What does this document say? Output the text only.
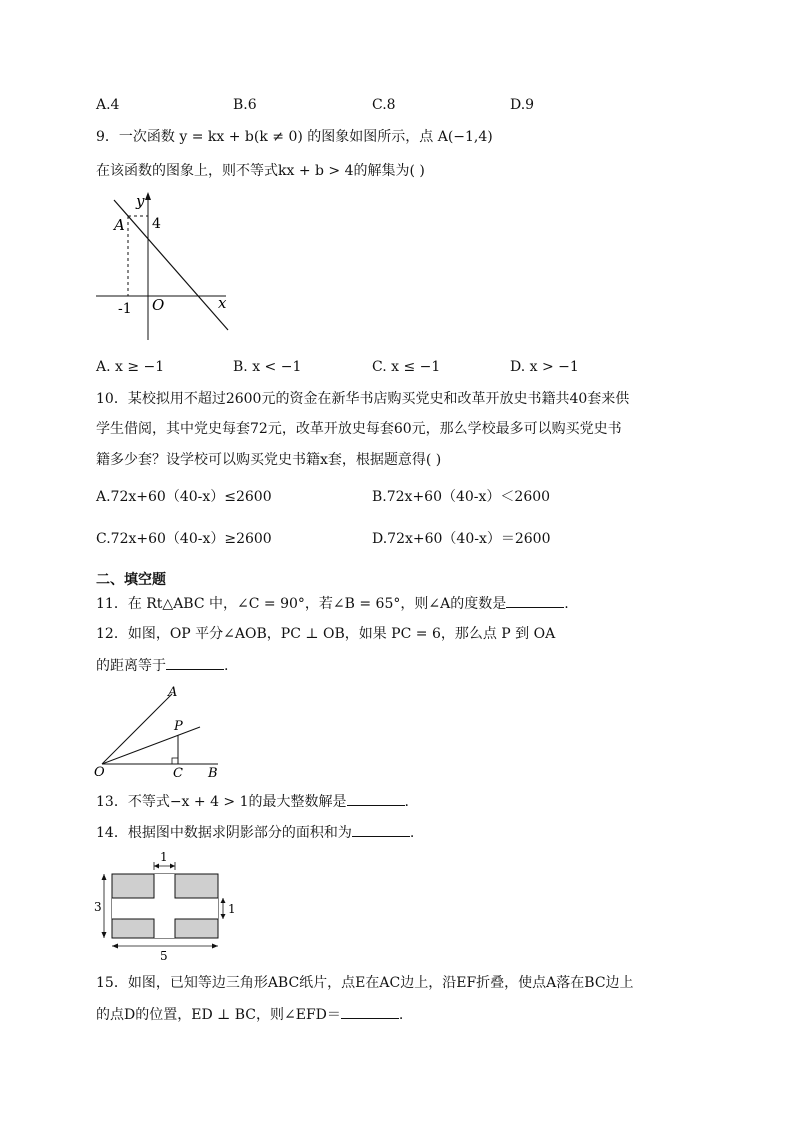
A.4	B.6	C.8	D.9
9．一次函数 y = kx + b(k ≠ 0) 的图象如图所示，点 A(−1,4)
在该函数的图象上，则不等式kx + b > 4的解集为( )
y
x
A 4
-1 O
A. x ≥ −1	B. x < −1	C. x ≤ −1	D. x > −1
10．某校拟用不超过2600元的资金在新华书店购买党史和改革开放史书籍共40套来供
学生借阅，其中党史每套72元，改革开放史每套60元，那么学校最多可以购买党史书
籍多少套？设学校可以购买党史书籍x套，根据题意得( )
A.72x+60（40-x）≤2600	B.72x+60（40-x）＜2600
C.72x+60（40-x）≥2600	D.72x+60（40-x）＝2600
二、填空题
11．在 Rt△ABC 中，∠C = 90°，若∠B = 65°，则∠A的度数是	.
12．如图，OP 平分∠AOB，PC ⊥ OB，如果 PC = 6，那么点 P 到 OA
的距离等于	.
A
P
O	C B
13．不等式−x + 4 > 1的最大整数解是	.
14．根据图中数据求阴影部分的面积和为	.
1
3	1
5
15．如图，已知等边三角形ABC纸片，点E在AC边上，沿EF折叠，使点A落在BC边上
的点D的位置，ED ⊥ BC，则∠EFD＝	.
